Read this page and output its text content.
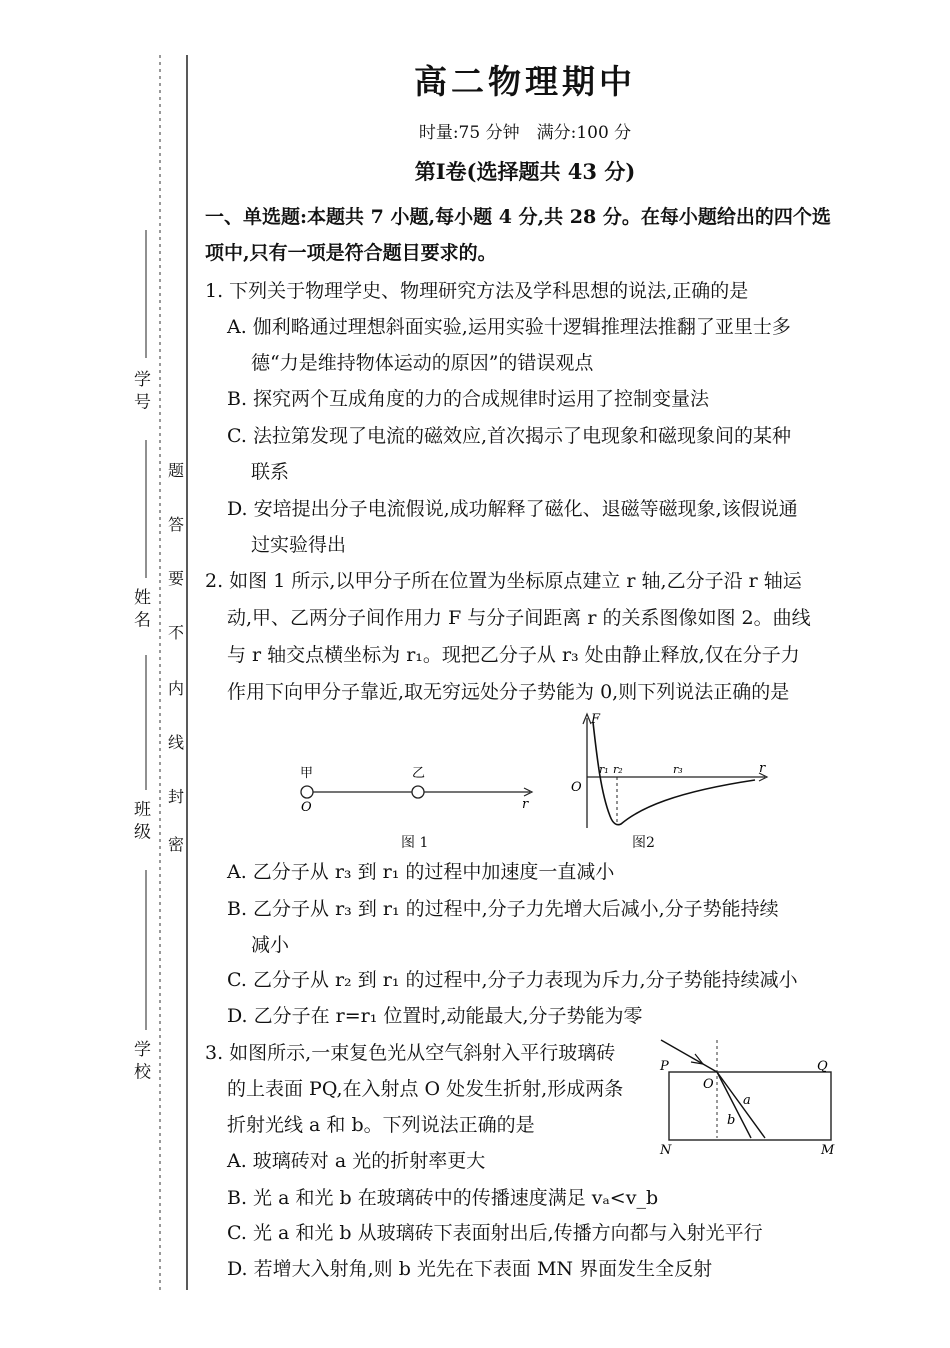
学 号
姓 名
班 级
学 校
密
封
线
内
不
要
答
题
高二物理期中
时量:75 分钟　满分:100 分
第Ⅰ卷(选择题共 43 分)
一、单选题:本题共 7 小题,每小题 4 分,共 28 分。在每小题给出的四个选
项中,只有一项是符合题目要求的。
1. 下列关于物理学史、物理研究方法及学科思想的说法,正确的是
A. 伽利略通过理想斜面实验,运用实验十逻辑推理法推翻了亚里士多
德“力是维持物体运动的原因”的错误观点
B. 探究两个互成角度的力的合成规律时运用了控制变量法
C. 法拉第发现了电流的磁效应,首次揭示了电现象和磁现象间的某种
联系
D. 安培提出分子电流假说,成功解释了磁化、退磁等磁现象,该假说通
过实验得出
2. 如图 1 所示,以甲分子所在位置为坐标原点建立 r 轴,乙分子沿 r 轴运
动,甲、乙两分子间作用力 F 与分子间距离 r 的关系图像如图 2。曲线
与 r 轴交点横坐标为 r₁。现把乙分子从 r₃ 处由静止释放,仅在分子力
作用下向甲分子靠近,取无穷远处分子势能为 0,则下列说法正确的是
甲	乙
O	r
图 1
F
O
r
r₁ r₂	r₃
图2
A. 乙分子从 r₃ 到 r₁ 的过程中加速度一直减小
B. 乙分子从 r₃ 到 r₁ 的过程中,分子力先增大后减小,分子势能持续
减小
C. 乙分子从 r₂ 到 r₁ 的过程中,分子力表现为斥力,分子势能持续减小
D. 乙分子在 r=r₁ 位置时,动能最大,分子势能为零
3. 如图所示,一束复色光从空气斜射入平行玻璃砖
的上表面 PQ,在入射点 O 处发生折射,形成两条
折射光线 a 和 b。下列说法正确的是
P	Q
O
N	M
a
b
A. 玻璃砖对 a 光的折射率更大
B. 光 a 和光 b 在玻璃砖中的传播速度满足 vₐ<v_b
C. 光 a 和光 b 从玻璃砖下表面射出后,传播方向都与入射光平行
D. 若增大入射角,则 b 光先在下表面 MN 界面发生全反射
